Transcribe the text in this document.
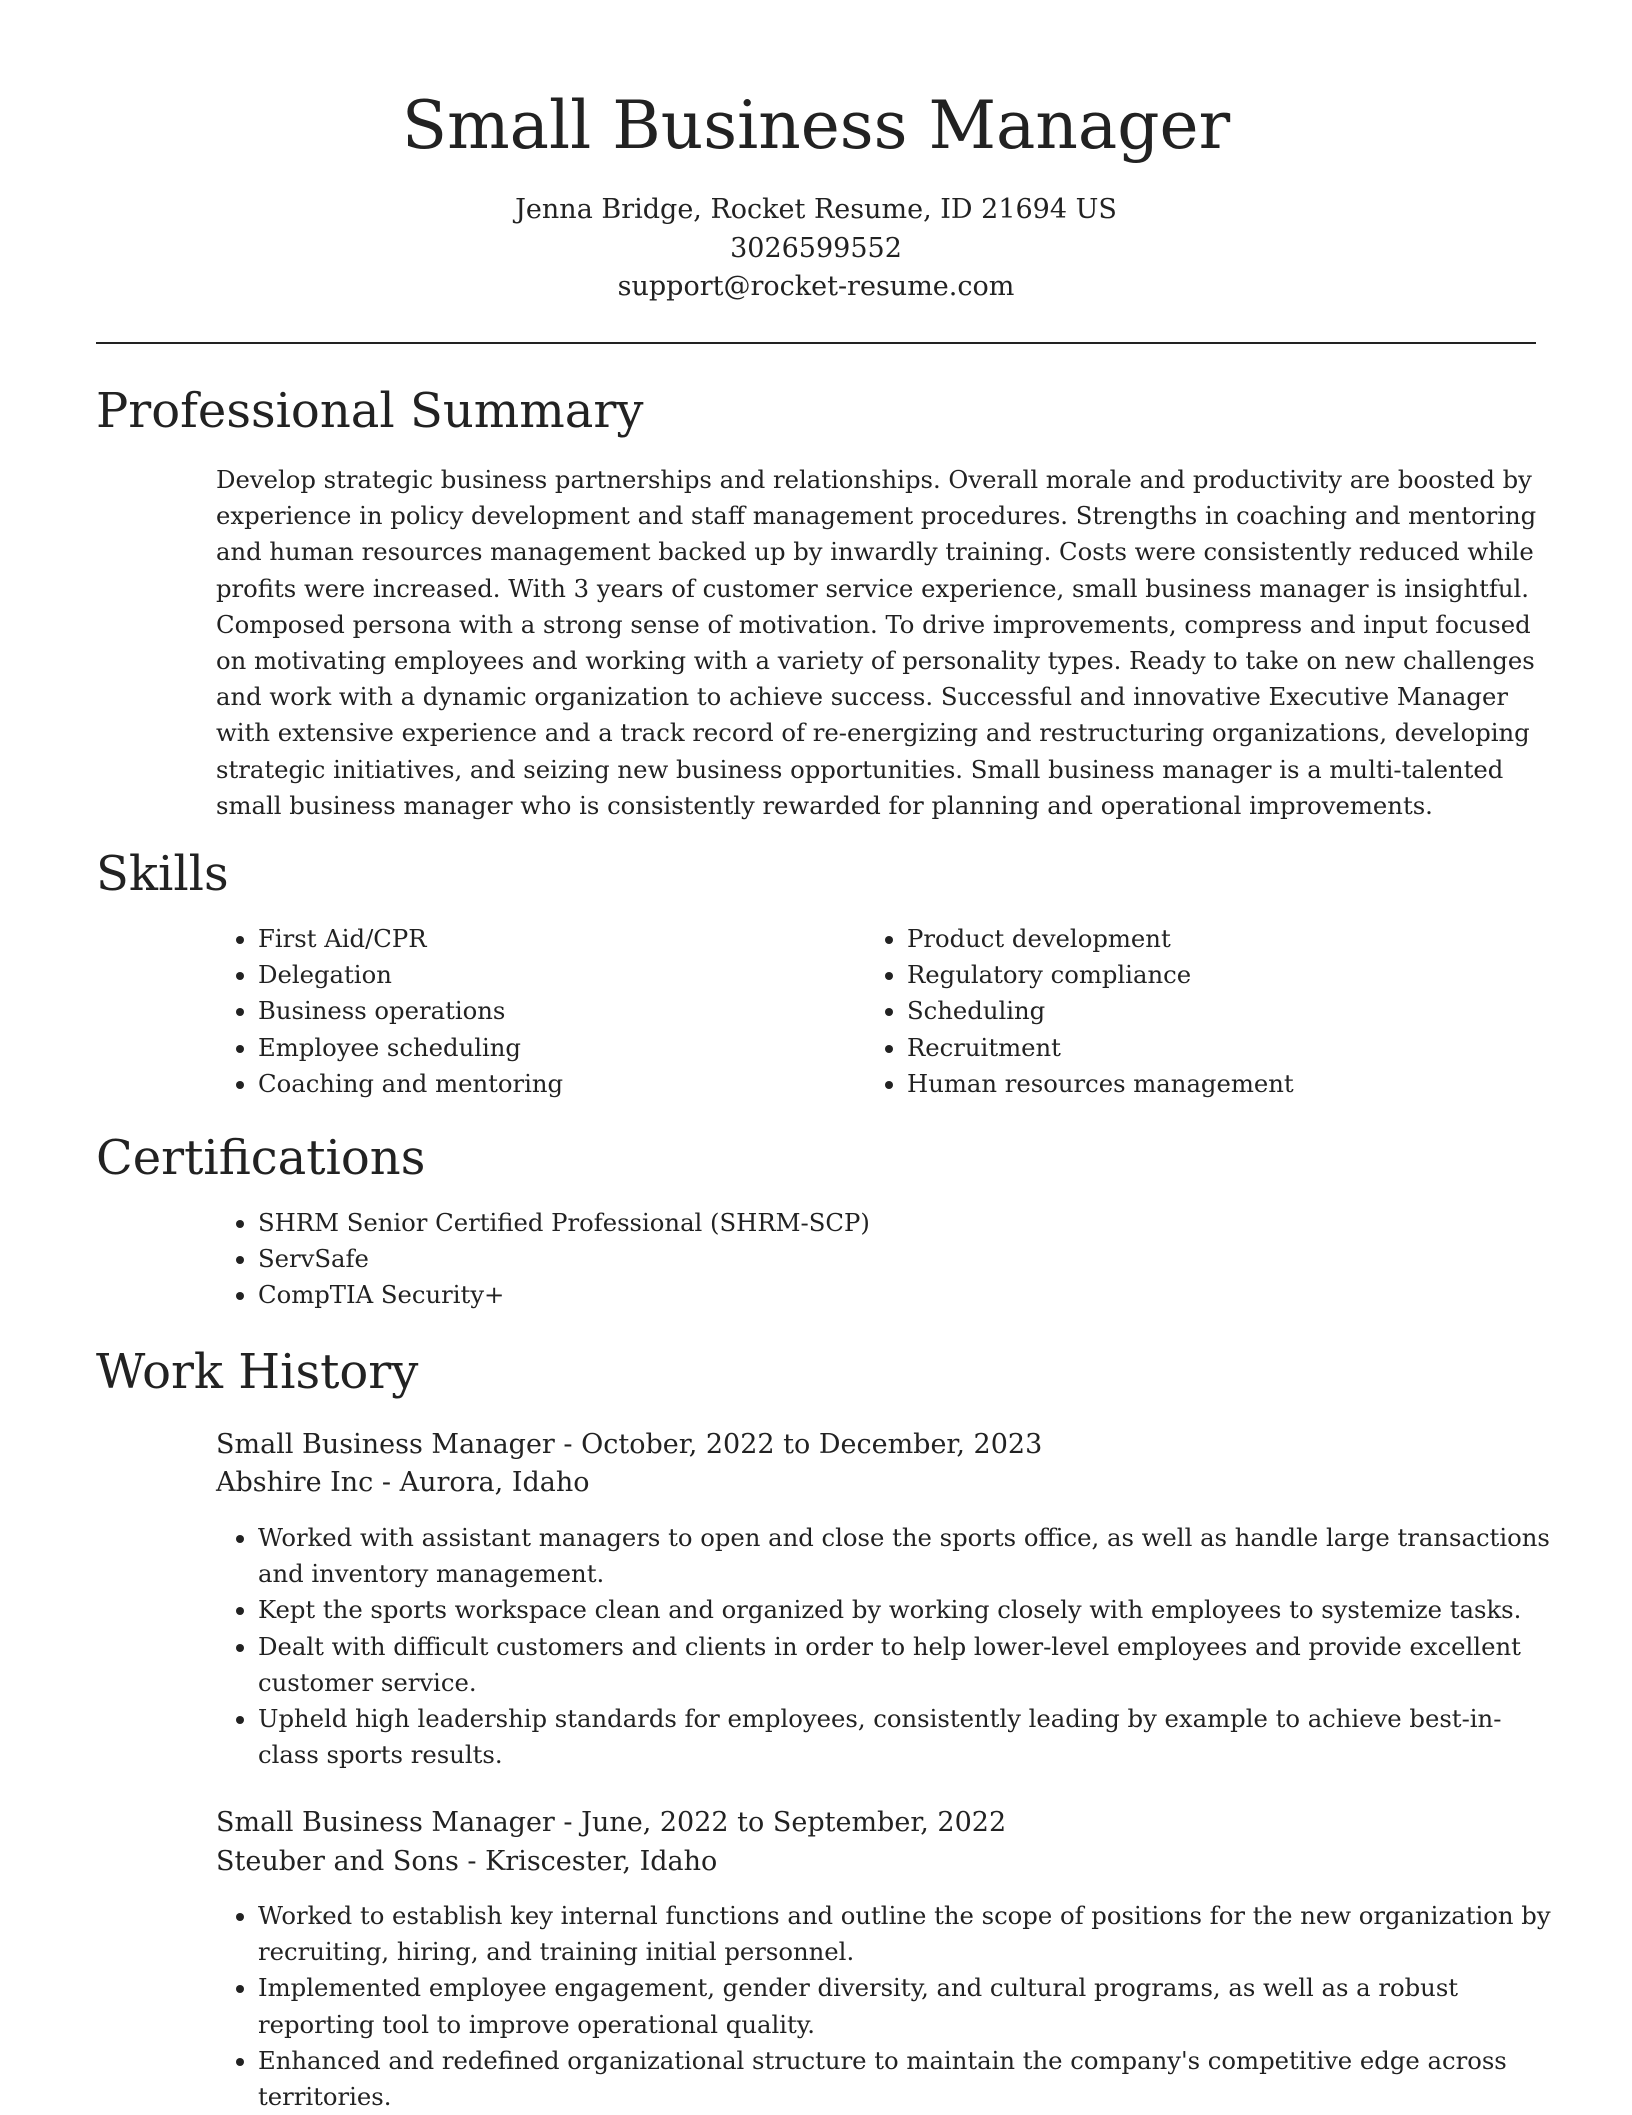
Small Business Manager
Jenna Bridge, Rocket Resume, ID 21694 US
3026599552
support@rocket-resume.com
Professional Summary

Develop strategic business partnerships and relationships. Overall morale and productivity are boosted by experience in policy development and staff management procedures. Strengths in coaching and mentoring and human resources management backed up by inwardly training. Costs were consistently reduced while profits were increased. With 3 years of customer service experience, small business manager is insightful. Composed persona with a strong sense of motivation. To drive improvements, compress and input focused on motivating employees and working with a variety of personality types. Ready to take on new challenges and work with a dynamic organization to achieve success. Successful and innovative Executive Manager with extensive experience and a track record of re-energizing and restructuring organizations, developing strategic initiatives, and seizing new business opportunities. Small business manager is a multi-talented small business manager who is consistently rewarded for planning and operational improvements.

Skills
• First Aid/CPR
• Delegation
• Business operations
• Employee scheduling
• Coaching and mentoring
• Product development
• Regulatory compliance
• Scheduling
• Recruitment
• Human resources management
Certifications
• SHRM Senior Certified Professional (SHRM-SCP)
• ServSafe
• CompTIA Security+
Work History
Small Business Manager - October, 2022 to December, 2023
Abshire Inc - Aurora, Idaho
• Worked with assistant managers to open and close the sports office, as well as handle large transactions and inventory management.
• Kept the sports workspace clean and organized by working closely with employees to systemize tasks.
• Dealt with difficult customers and clients in order to help lower-level employees and provide excellent customer service.
• Upheld high leadership standards for employees, consistently leading by example to achieve best-in-class sports results.
Small Business Manager - June, 2022 to September, 2022
Steuber and Sons - Kriscester, Idaho
• Worked to establish key internal functions and outline the scope of positions for the new organization by recruiting, hiring, and training initial personnel.
• Implemented employee engagement, gender diversity, and cultural programs, as well as a robust reporting tool to improve operational quality.
• Enhanced and redefined organizational structure to maintain the company's competitive edge across territories.
